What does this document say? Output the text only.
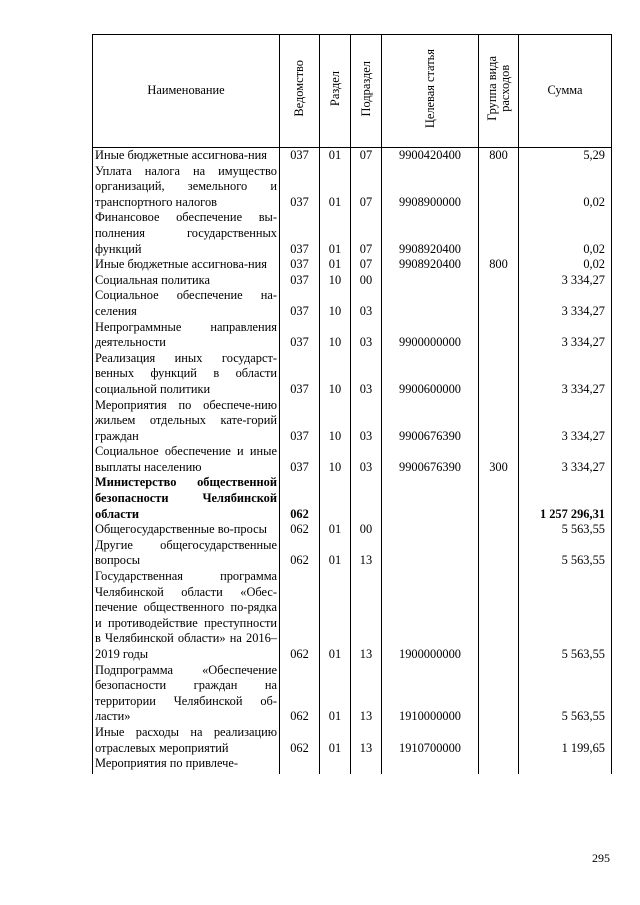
Наименование	Ведомство	Раздел	Подраздел	Целевая статья	Группа вида
расходов	Сумма
Иные бюджетные ассигнова-ния	037	01	07	9900420400	800	5,29
Уплата налога на имущество организаций, земельного и транспортного налогов	037	01	07	9908900000		0,02
Финансовое обеспечение вы-полнения государственных функций	037	01	07	9908920400		0,02
Иные бюджетные ассигнова-ния	037	01	07	9908920400	800	0,02
Социальная политика	037	10	00			3 334,27
Социальное обеспечение на-селения	037	10	03			3 334,27
Непрограммные направления деятельности	037	10	03	9900000000		3 334,27
Реализация иных государст-венных функций в области социальной политики	037	10	03	9900600000		3 334,27
Мероприятия по обеспече-нию жильем отдельных кате-горий граждан	037	10	03	9900676390		3 334,27
Социальное обеспечение и иные выплаты населению	037	10	03	9900676390	300	3 334,27
Министерство общественной безопасности Челябинской области	062					1 257 296,31
Общегосударственные во-просы	062	01	00			5 563,55
Другие общегосударственные вопросы	062	01	13			5 563,55
Государственная программа Челябинской области «Обес-печение общественного по-рядка и противодействие преступности в Челябинской области» на 2016–2019 годы	062	01	13	1900000000		5 563,55
Подпрограмма «Обеспечение безопасности граждан на территории Челябинской об-ласти»	062	01	13	1910000000		5 563,55
Иные расходы на реализацию отраслевых мероприятий	062	01	13	1910700000		1 199,65
Мероприятия по привлече-						
295
